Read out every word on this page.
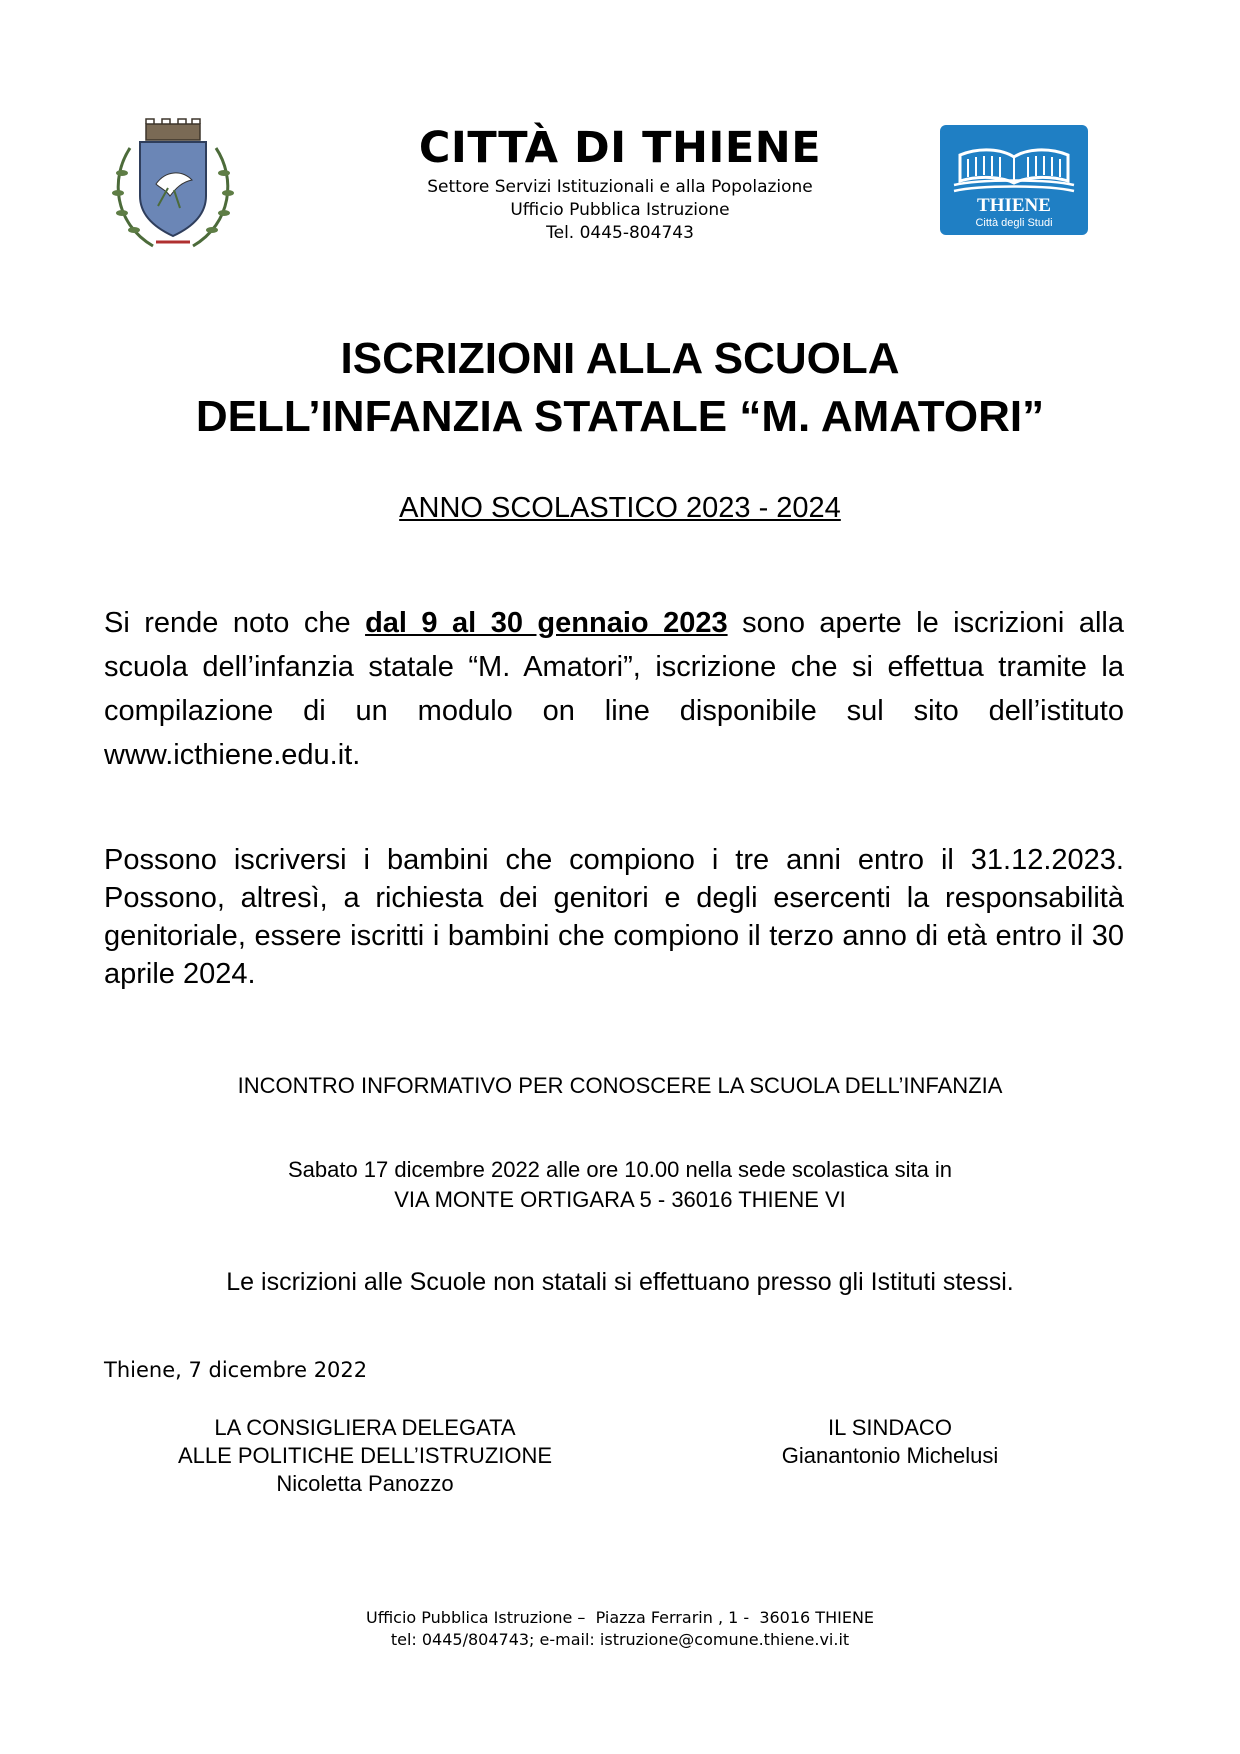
CITTÀ DI THIENE
Settore Servizi Istituzionali e alla Popolazione
Ufficio Pubblica Istruzione
Tel. 0445-804743
THIENE
Città degli Studi
ISCRIZIONI ALLA SCUOLA
DELL’INFANZIA STATALE “M. AMATORI”
ANNO SCOLASTICO 2023 - 2024
Si rende noto che dal 9 al 30 gennaio 2023 sono aperte le iscrizioni alla scuola dell’infanzia statale “M. Amatori”, iscrizione che si effettua tramite la compilazione di un modulo on line disponibile sul sito dell’istituto www.icthiene.edu.it.
Possono iscriversi i bambini che compiono i tre anni entro il 31.12.2023. Possono, altresì, a richiesta dei genitori e degli esercenti la responsabilità genitoriale, essere iscritti i bambini che compiono il terzo anno di età entro il 30 aprile 2024.
INCONTRO INFORMATIVO PER CONOSCERE LA SCUOLA DELL’INFANZIA
Sabato 17 dicembre 2022 alle ore 10.00 nella sede scolastica sita in
VIA MONTE ORTIGARA 5 - 36016 THIENE VI
Le iscrizioni alle Scuole non statali si effettuano presso gli Istituti stessi.
Thiene, 7 dicembre 2022
LA CONSIGLIERA DELEGATA
ALLE POLITICHE DELL’ISTRUZIONE
Nicoletta Panozzo
IL SINDACO
Gianantonio Michelusi
Ufficio Pubblica Istruzione –  Piazza Ferrarin , 1 -  36016 THIENE
tel: 0445/804743; e-mail: istruzione@comune.thiene.vi.it
